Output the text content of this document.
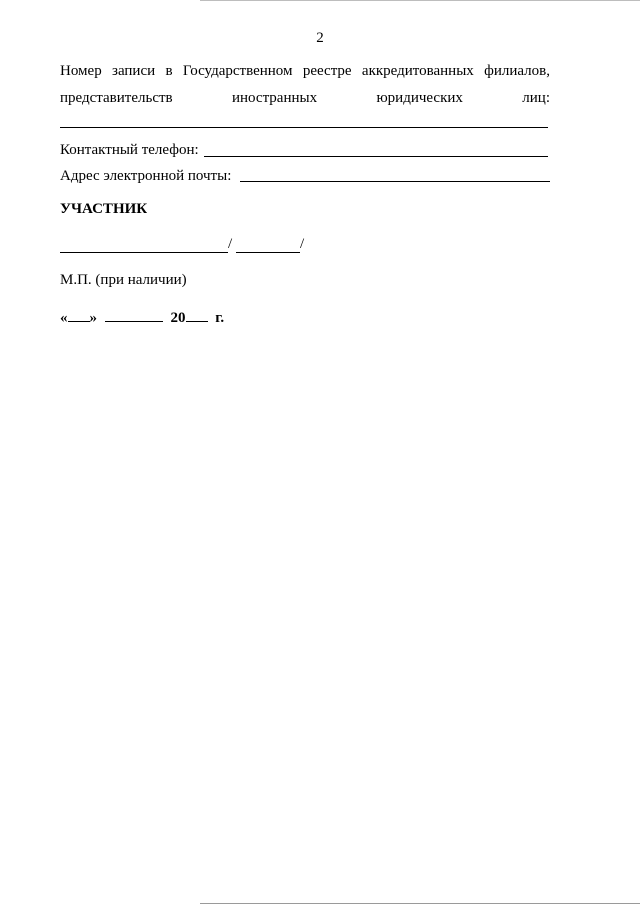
2
Номер записи в Государственном реестре аккредитованных филиалов,
представительств	иностранных	юридических	лиц:
Контактный телефон:
Адрес электронной почты:
УЧАСТНИК
/	/
М.П. (при наличии)
« »	20 г.
